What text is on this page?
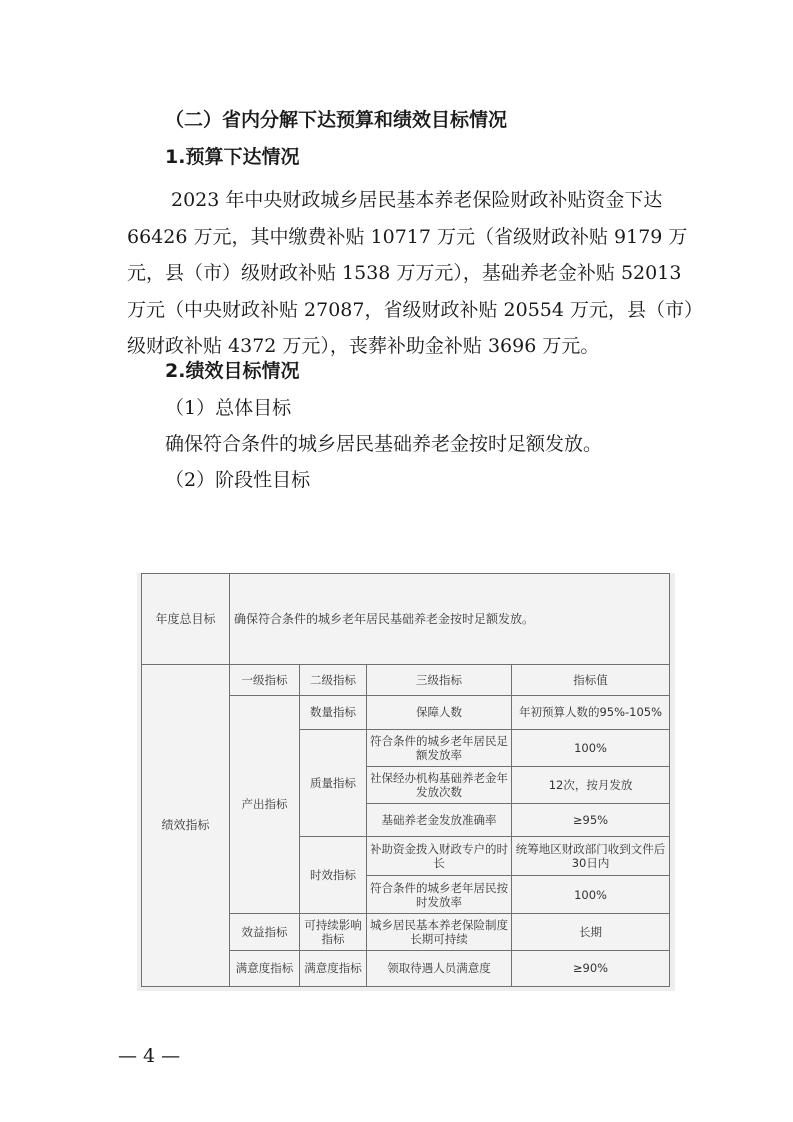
（二）省内分解下达预算和绩效目标情况
1.预算下达情况
2023 年中央财政城乡居民基本养老保险财政补贴资金下达
66426 万元，其中缴费补贴 10717 万元（省级财政补贴 9179 万
元，县（市）级财政补贴 1538 万万元），基础养老金补贴 52013
万元（中央财政补贴 27087，省级财政补贴 20554 万元，县（市）
级财政补贴 4372 万元），丧葬补助金补贴 3696 万元。
2.绩效目标情况
（1）总体目标
确保符合条件的城乡居民基础养老金按时足额发放。
（2）阶段性目标
年度总目标	确保符合条件的城乡老年居民基础养老金按时足额发放。			
绩效指标	一级指标	二级指标	三级指标	指标值
	产出指标	数量指标	保障人数	年初预算人数的95%-105%
		质量指标	符合条件的城乡老年居民足额发放率	100%
			社保经办机构基础养老金年发放次数	12次，按月发放
			基础养老金发放准确率	≥95%
		时效指标	补助资金拨入财政专户的时长	统筹地区财政部门收到文件后30日内
			符合条件的城乡老年居民按时发放率	100%
	效益指标	可持续影响指标	城乡居民基本养老保险制度长期可持续	长期
	满意度指标	满意度指标	领取待遇人员满意度	≥90%
— 4 —
